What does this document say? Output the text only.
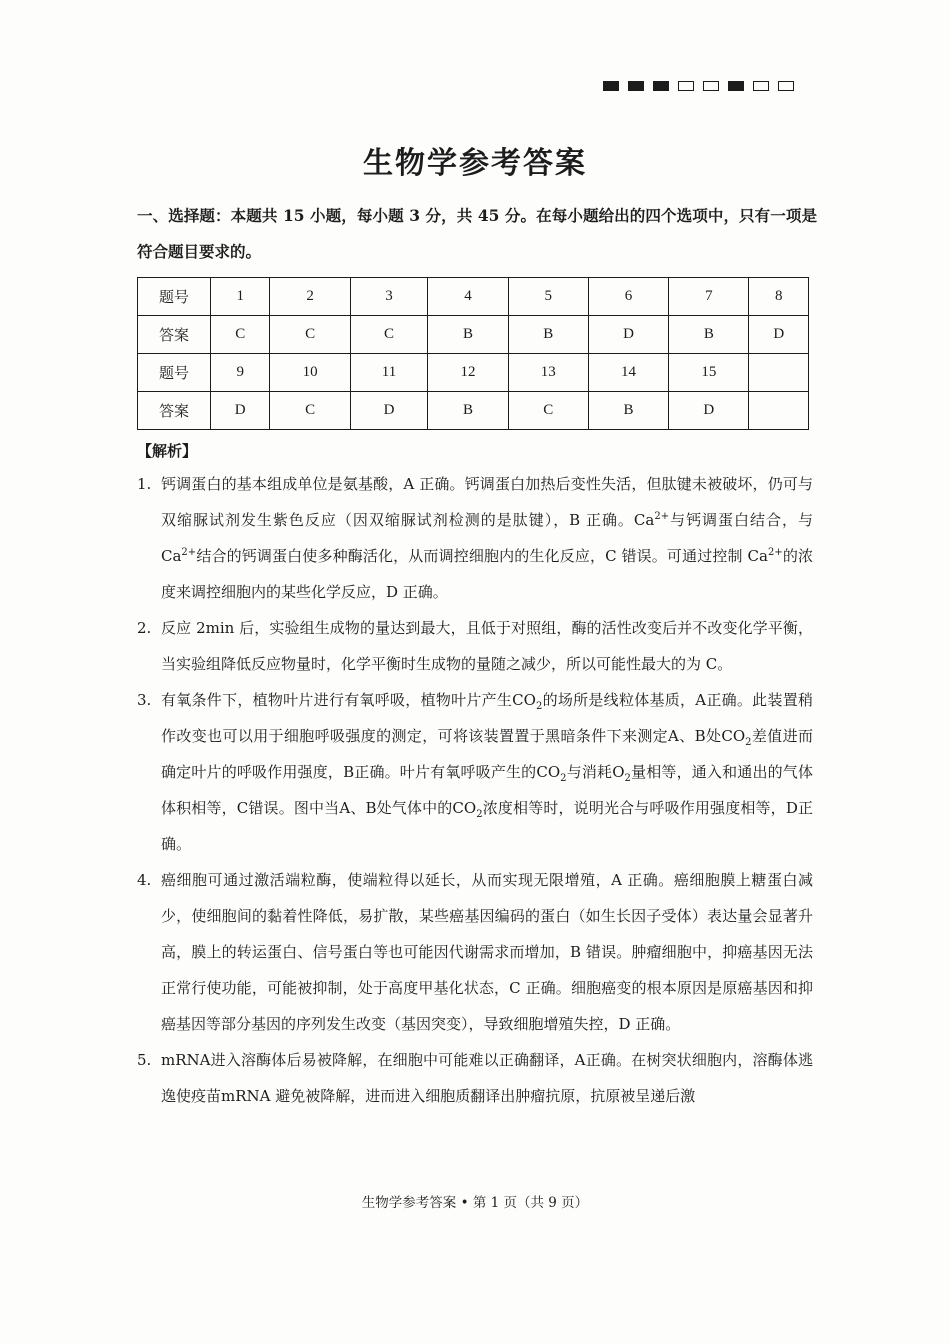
生物学参考答案

一、选择题：本题共 15 小题，每小题 3 分，共 45 分。在每小题给出的四个选项中，只有一项是符合题目要求的。

题号	1	2	3	4	5	6	7	8
答案	C	C	C	B	B	D	B	D
题号	9	10	11	12	13	14	15	
答案	D	C	D	B	C	B	D	

【解析】

1. 钙调蛋白的基本组成单位是氨基酸，A 正确。钙调蛋白加热后变性失活，但肽键未被破坏，仍可与双缩脲试剂发生紫色反应（因双缩脲试剂检测的是肽键），B 正确。$Ca^{2+}$与钙调蛋白结合，与 $Ca^{2+}$结合的钙调蛋白使多种酶活化，从而调控细胞内的生化反应，C 错误。可通过控制 $Ca^{2+}$的浓度来调控细胞内的某些化学反应，D 正确。
2. 反应 2min 后，实验组生成物的量达到最大，且低于对照组，酶的活性改变后并不改变化学平衡，当实验组降低反应物量时，化学平衡时生成物的量随之减少，所以可能性最大的为 C。
3. 有氧条件下，植物叶片进行有氧呼吸，植物叶片产生$CO_2$的场所是线粒体基质，A正确。此装置稍作改变也可以用于细胞呼吸强度的测定，可将该装置置于黑暗条件下来测定A、B处$CO_2$差值进而确定叶片的呼吸作用强度，B正确。叶片有氧呼吸产生的$CO_2$与消耗$O_2$量相等，通入和通出的气体体积相等，C错误。图中当A、B处气体中的$CO_2$浓度相等时，说明光合与呼吸作用强度相等，D正确。
4. 癌细胞可通过激活端粒酶，使端粒得以延长，从而实现无限增殖，A 正确。癌细胞膜上糖蛋白减少，使细胞间的黏着性降低，易扩散，某些癌基因编码的蛋白（如生长因子受体）表达量会显著升高，膜上的转运蛋白、信号蛋白等也可能因代谢需求而增加，B 错误。肿瘤细胞中，抑癌基因无法正常行使功能，可能被抑制，处于高度甲基化状态，C 正确。细胞癌变的根本原因是原癌基因和抑癌基因等部分基因的序列发生改变（基因突变），导致细胞增殖失控，D 正确。
5. mRNA进入溶酶体后易被降解，在细胞中可能难以正确翻译，A正确。在树突状细胞内，溶酶体逃逸使疫苗mRNA 避免被降解，进而进入细胞质翻译出肿瘤抗原，抗原被呈递后激

生物学参考答案 • 第 1 页（共 9 页）
